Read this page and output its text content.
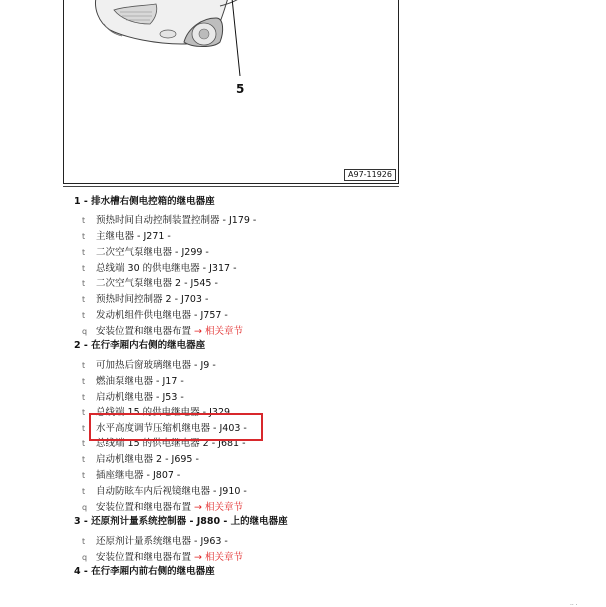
5
A97-11926
1 - 排水槽右侧电控箱的继电器座
t 预热时间自动控制装置控制器 - J179 -
t 主继电器 - J271 -
t 二次空气泵继电器 - J299 -
t 总线端 30 的供电继电器 - J317 -
t 二次空气泵继电器 2 - J545 -
t 预热时间控制器 2 - J703 -
t 发动机组件供电继电器 - J757 -
q 安装位置和继电器布置 → 相关章节
2 - 在行李厢内右侧的继电器座
t 可加热后窗玻璃继电器 - J9 -
t 燃油泵继电器 - J17 -
t 启动机继电器 - J53 -
t 总线端 15 的供电继电器 - J329
t 水平高度调节压缩机继电器 - J403 -
t 总线端 15 的供电继电器 2 - J681 -
t 启动机继电器 2 - J695 -
t 插座继电器 - J807 -
t 自动防眩车内后视镜继电器 - J910 -
q 安装位置和继电器布置 → 相关章节
3 - 还原剂计量系统控制器 - J880 - 上的继电器座
t 还原剂计量系统继电器 - J963 -
q 安装位置和继电器布置 → 相关章节
4 - 在行李厢内前右侧的继电器座
.. .
